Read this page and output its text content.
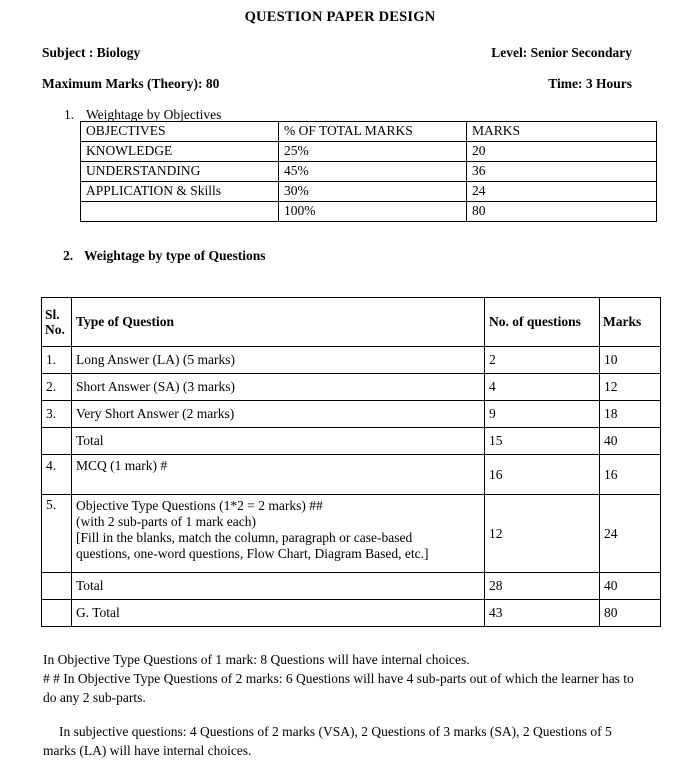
QUESTION PAPER DESIGN
Subject : Biology	Level: Senior Secondary
Maximum Marks (Theory): 80	Time: 3 Hours
1. Weightage by Objectives
OBJECTIVES	% OF TOTAL MARKS	MARKS
KNOWLEDGE	25%	20
UNDERSTANDING	45%	36
APPLICATION & Skills	30%	24
	100%	80
2. Weightage by type of Questions
Sl.
No.	Type of Question	No. of questions	Marks
1.	Long Answer (LA) (5 marks)	2	10
2.	Short Answer (SA) (3 marks)	4	12
3.	Very Short Answer (2 marks)	9	18
	Total	15	40
4.	MCQ (1 mark) #	16	16
5.	Objective Type Questions (1*2 = 2 marks) ##
(with 2 sub-parts of 1 mark each)
[Fill in the blanks, match the column, paragraph or case-based
questions, one-word questions, Flow Chart, Diagram Based, etc.]	12	24
	Total	28	40
	G. Total	43	80

In Objective Type Questions of 1 mark: 8 Questions will have internal choices.

# # In Objective Type Questions of 2 marks: 6 Questions will have 4 sub-parts out of which the learner has to do any 2 sub-parts.

In subjective questions: 4 Questions of 2 marks (VSA), 2 Questions of 3 marks (SA), 2 Questions of 5 marks (LA) will have internal choices.
